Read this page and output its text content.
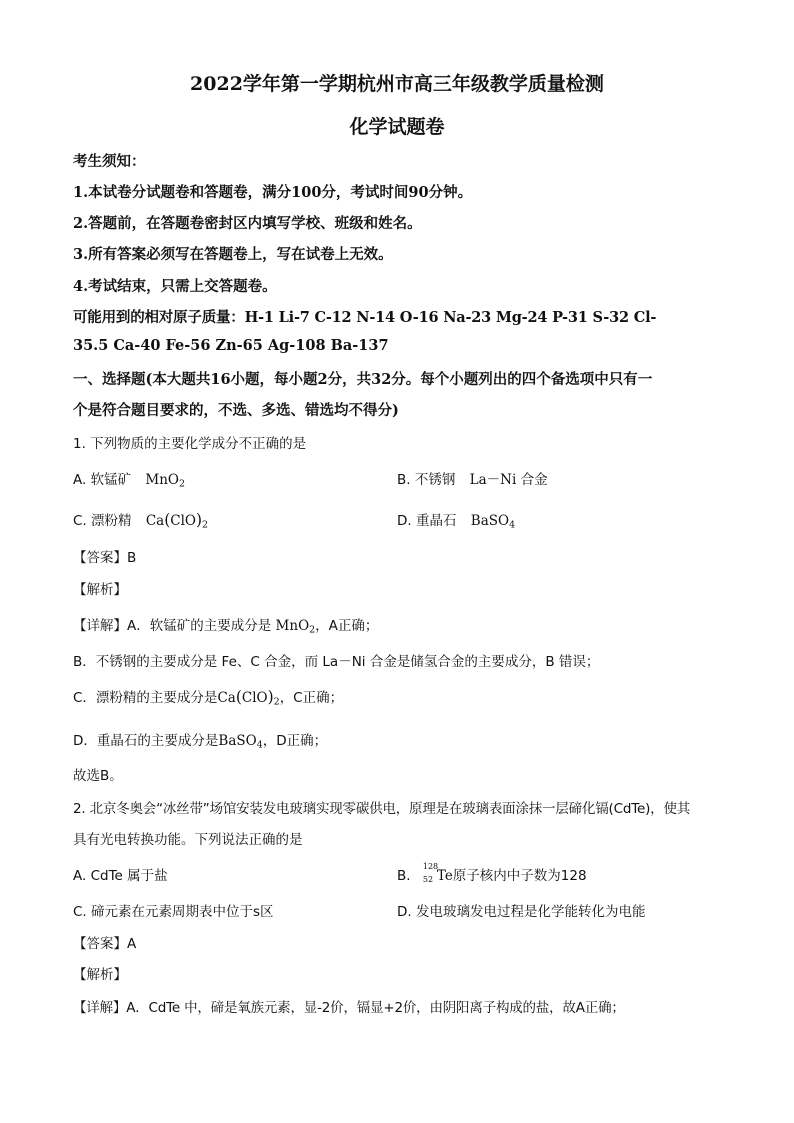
2022学年第一学期杭州市高三年级教学质量检测
化学试题卷
考生须知：
1.本试卷分试题卷和答题卷，满分100分，考试时间90分钟。
2.答题前，在答题卷密封区内填写学校、班级和姓名。
3.所有答案必须写在答题卷上，写在试卷上无效。
4.考试结束，只需上交答题卷。
可能用到的相对原子质量：H-1 Li-7 C-12 N-14 O-16 Na-23 Mg-24 P-31 S-32 Cl-
35.5 Ca-40 Fe-56 Zn-65 Ag-108 Ba-137
一、选择题(本大题共16小题，每小题2分，共32分。每个小题列出的四个备选项中只有一
个是符合题目要求的，不选、多选、错选均不得分)
1. 下列物质的主要化学成分不正确的是
A. 软锰矿 MnO$_2$	B. 不锈钢 La－Ni 合金
C. 漂粉精 $Ca(ClO)_2$	D. 重晶石 BaSO$_4$
【答案】B
【解析】
【详解】A．软锰矿的主要成分是 MnO$_2$，A正确；
B．不锈钢的主要成分是 Fe、C 合金，而 La－Ni 合金是储氢合金的主要成分，B 错误；
C．漂粉精的主要成分是$Ca(ClO)_2$，C正确；
D．重晶石的主要成分是BaSO$_4$，D正确；
故选B。
2. 北京冬奥会“冰丝带”场馆安装发电玻璃实现零碳供电，原理是在玻璃表面涂抹一层碲化镉(CdTe)，使其
具有光电转换功能。下列说法正确的是
A. CdTe 属于盐	B.
128
52 Te原子核内中子数为128
C. 碲元素在元素周期表中位于s区	D. 发电玻璃发电过程是化学能转化为电能
【答案】A
【解析】
【详解】A．CdTe 中，碲是氧族元素，显-2价，镉显+2价，由阴阳离子构成的盐，故A正确；
